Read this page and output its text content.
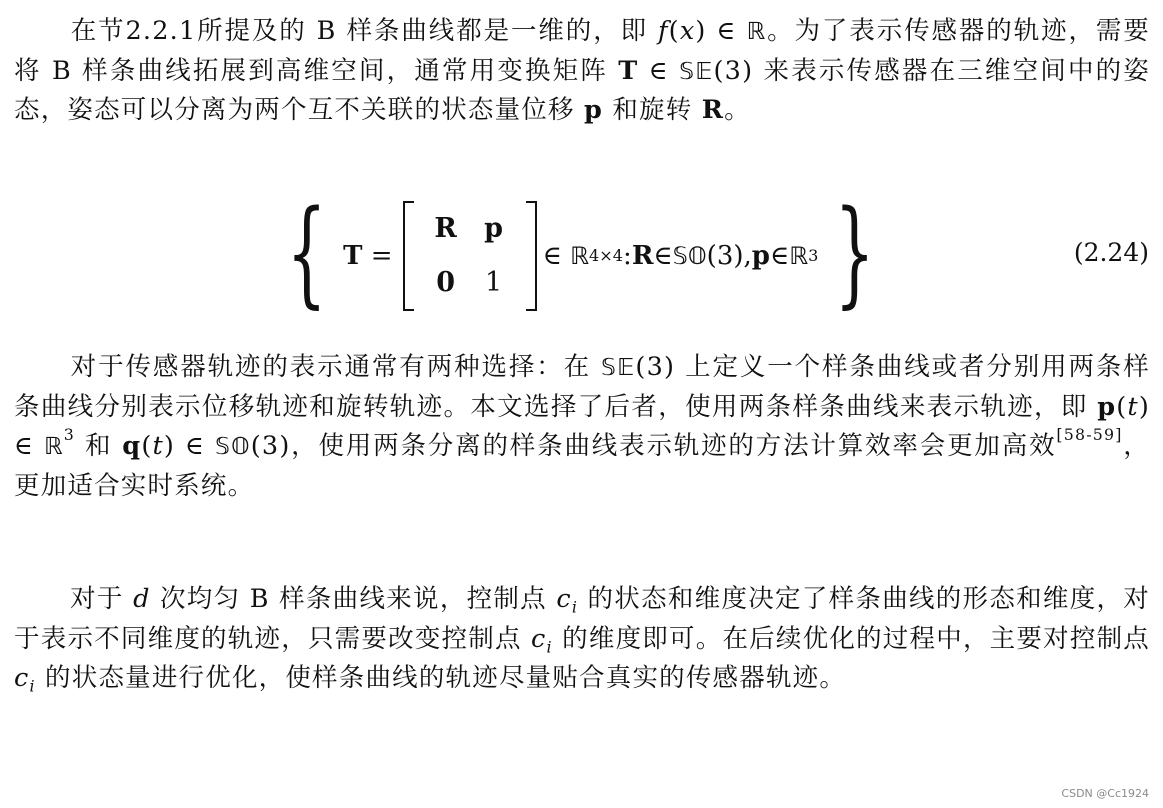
在节2.2.1所提及的 B 样条曲线都是一维的，即 f(x) ∈ ℝ。为了表示传感器的轨迹，需要将 B 样条曲线拓展到高维空间，通常用变换矩阵 T ∈ 𝕊𝔼(3) 来表示传感器在三维空间中的姿态，姿态可以分离为两个互不关联的状态量位移 p 和旋转 R。

{ T
=
R	p
0	1
∈
ℝ 4×4 : R ∈ 𝕊𝕆 (3), p ∈ ℝ 3 }	(2.24)

对于传感器轨迹的表示通常有两种选择：在 𝕊𝔼(3) 上定义一个样条曲线或者分别用两条样条曲线分别表示位移轨迹和旋转轨迹。本文选择了后者，使用两条样条曲线来表示轨迹，即 p(t) ∈ ℝ$^3$ 和 q(t) ∈ 𝕊𝕆(3)，使用两条分离的样条曲线表示轨迹的方法计算效率会更加高效[58-59]，更加适合实时系统。

对于 d 次均匀 B 样条曲线来说，控制点 $c_i$ 的状态和维度决定了样条曲线的形态和维度，对于表示不同维度的轨迹，只需要改变控制点 $c_i$ 的维度即可。在后续优化的过程中，主要对控制点 $c_i$ 的状态量进行优化，使样条曲线的轨迹尽量贴合真实的传感器轨迹。

CSDN @Cc1924
